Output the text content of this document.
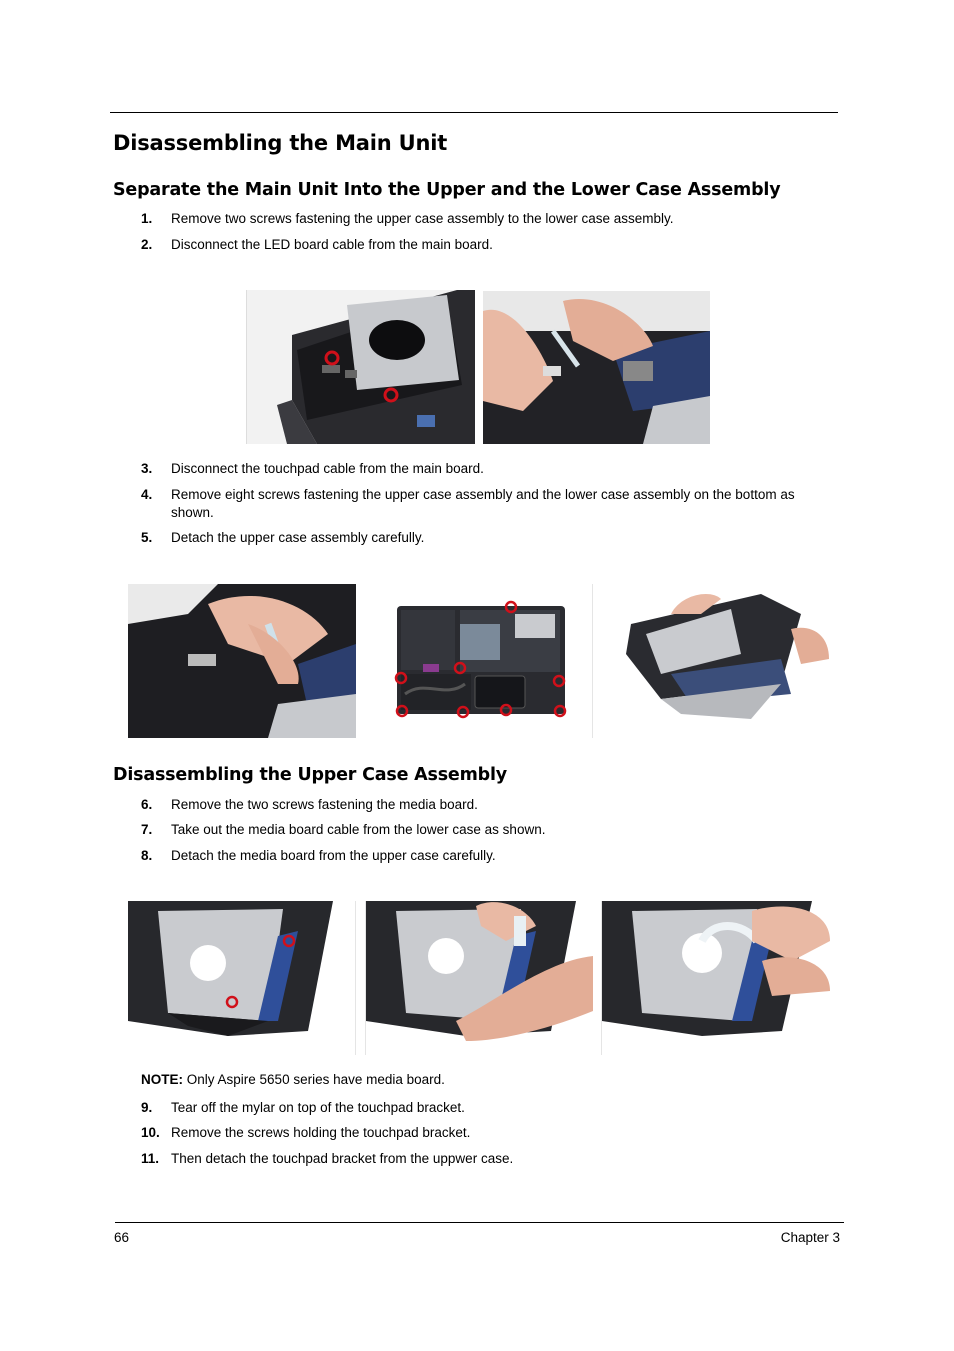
Disassembling the Main Unit
Separate the Main Unit Into the Upper and the Lower Case Assembly
1.	Remove two screws fastening the upper case assembly to the lower case assembly.
2.	Disconnect the LED board cable from the main board.
3.	Disconnect the touchpad cable from the main board.
4.	Remove eight screws fastening the upper case assembly and the lower case assembly on the bottom as shown.
5.	Detach the upper case assembly carefully.
Disassembling the Upper Case Assembly
6.	Remove the two screws fastening the media board.
7.	Take out the media board cable from the lower case as shown.
8.	Detach the media board from the upper case carefully.
NOTE: Only Aspire 5650 series have media board.
9.	Tear off the mylar on top of the touchpad bracket.
10. Remove the screws holding the touchpad bracket.
11. Then detach the touchpad bracket from the uppwer case.
66	Chapter 3
